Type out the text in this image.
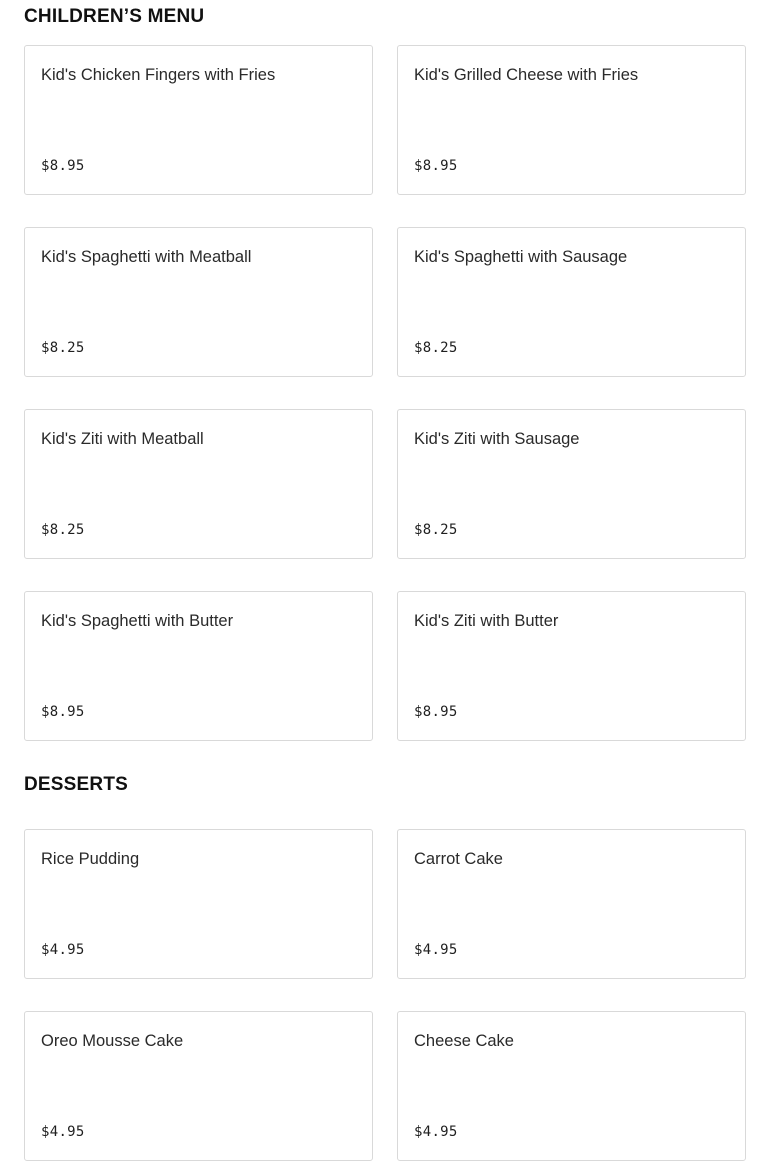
CHILDREN’S MENU
Kid's Chicken Fingers with Fries
$8.95
Kid's Grilled Cheese with Fries
$8.95
Kid's Spaghetti with Meatball
$8.25
Kid's Spaghetti with Sausage
$8.25
Kid's Ziti with Meatball
$8.25
Kid's Ziti with Sausage
$8.25
Kid's Spaghetti with Butter
$8.95
Kid's Ziti with Butter
$8.95
DESSERTS
Rice Pudding
$4.95
Carrot Cake
$4.95
Oreo Mousse Cake
$4.95
Cheese Cake
$4.95
